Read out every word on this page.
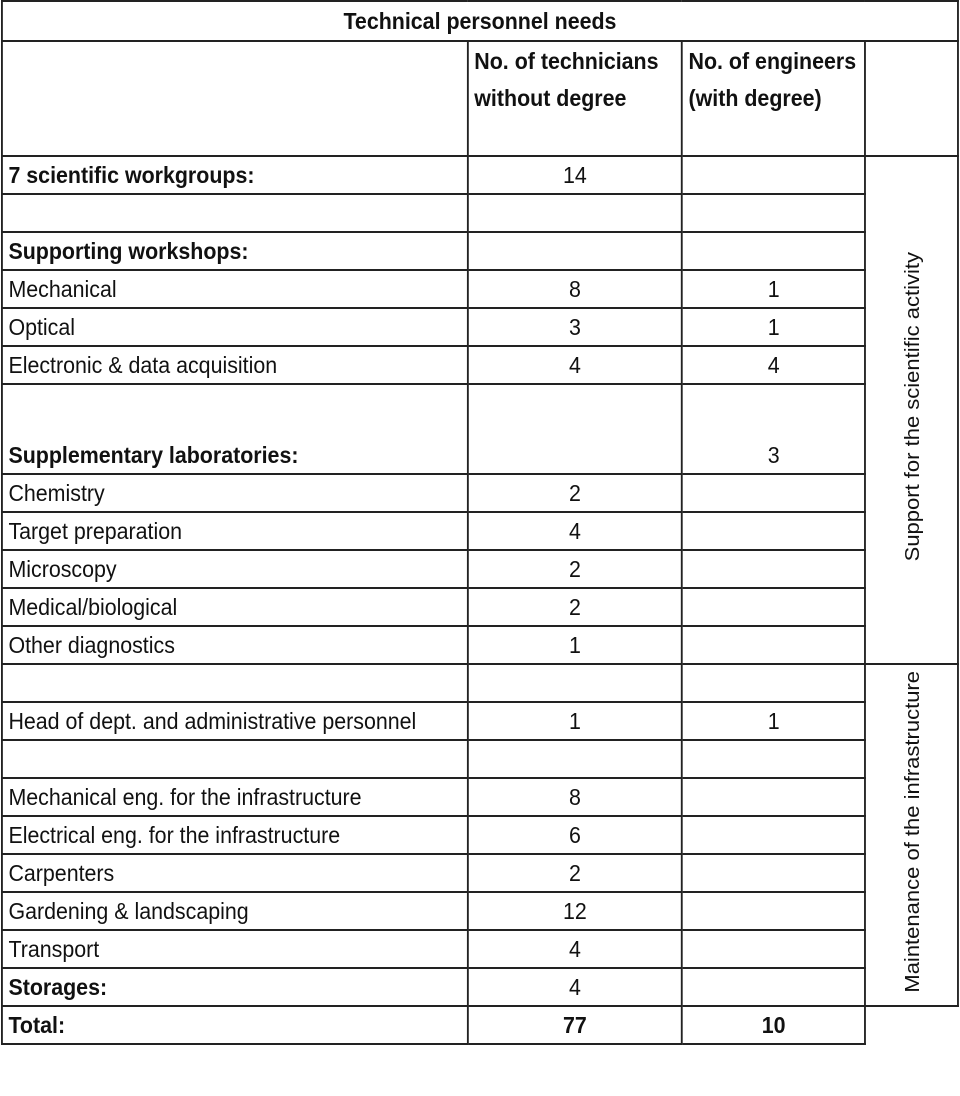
Technical personnel needs			
	No. of technicians without degree	No. of engineers (with degree)	
7 scientific workgroups:	14		Support for the scientific activity

Supporting workshops:			
Mechanical	8	1	
Optical	3	1	
Electronic & data acquisition	4	4	
Supplementary laboratories:		3	
Chemistry	2		
Target preparation	4		
Microscopy	2		
Medical/biological	2		
Other diagnostics	1		
			Maintenance of the infrastructure
Head of dept. and administrative personnel	1	1	

Mechanical eng. for the infrastructure	8		
Electrical eng. for the infrastructure	6		
Carpenters	2		
Gardening & landscaping	12		
Transport	4		
Storages:	4		
Total:	77	10	
